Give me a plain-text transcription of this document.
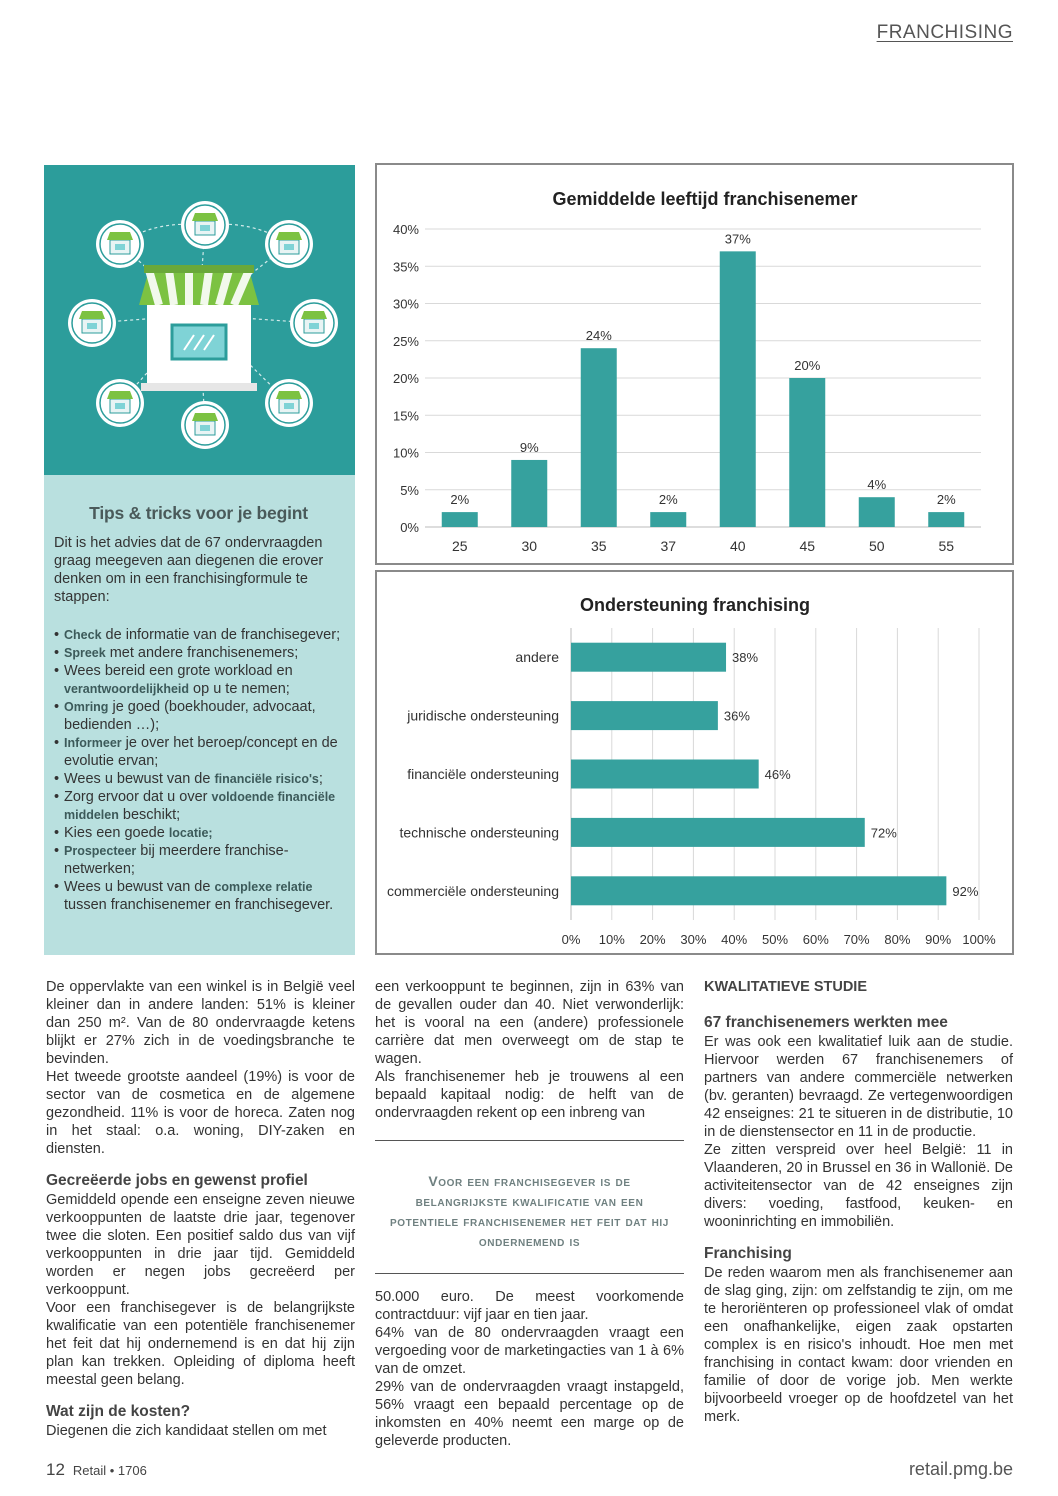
FRANCHISING
Tips & tricks voor je begint

Dit is het advies dat de 67 ondervraagden graag meegeven aan diegenen die erover denken om in een franchisingformule te stappen:

• Check de informatie van de franchisegever;
• Spreek met andere franchisenemers;
• Wees bereid een grote workload en verantwoordelijkheid op u te nemen;
• Omring je goed (boekhouder, advocaat, bedienden …);
• Informeer je over het beroep/concept en de evolutie ervan;
• Wees u bewust van de financiële risico's;
• Zorg ervoor dat u over voldoende financiële middelen beschikt;
• Kies een goede locatie;
• Prospecteer bij meerdere franchise-netwerken;
• Wees u bewust van de complexe relatie tussen franchisenemer en franchisegever.
Gemiddelde leeftijd franchisenemer
0%
5%
10%
15%
20%
25%
30%
35%
40%
2%
25
9%
30
24%
35
2%
37
37%
40
20%
45
4%
50
2%
55
Ondersteuning franchising
0% 10% 20% 30% 40% 50% 60% 70% 80% 90% 100%
38%
andere
36%
juridische ondersteuning
46%
financiële ondersteuning
72%
technische ondersteuning
92%
commerciële ondersteuning

De oppervlakte van een winkel is in België veel kleiner dan in andere landen: 51% is kleiner dan 250 m². Van de 80 ondervraagde ketens blijkt er 27% zich in de voedingsbranche te bevinden.

Het tweede grootste aandeel (19%) is voor de sector van de cosmetica en de algemene gezondheid. 11% is voor de horeca. Zaten nog in het staal: o.a. woning, DIY-zaken en diensten.

Gecreëerde jobs en gewenst profiel

Gemiddeld opende een enseigne zeven nieuwe verkooppunten de laatste drie jaar, tegenover twee die sloten. Een positief saldo dus van vijf verkooppunten in drie jaar tijd. Gemiddeld worden er negen jobs gecreëerd per verkooppunt.

Voor een franchisegever is de belangrijkste kwalificatie van een potentiële franchisenemer het feit dat hij ondernemend is en dat hij zijn plan kan trekken. Opleiding of diploma heeft meestal geen belang.

Wat zijn de kosten?

Diegenen die zich kandidaat stellen om met

een verkooppunt te beginnen, zijn in 63% van de gevallen ouder dan 40. Niet verwonderlijk: het is vooral na een (andere) professionele carrière dat men overweegt om de stap te wagen.

Als franchisenemer heb je trouwens al een bepaald kapitaal nodig: de helft van de ondervraagden rekent op een inbreng van

Voor een franchisegever is de belangrijkste kwalificatie van een potentiele franchisenemer het feit dat hij ondernemend is

50.000 euro. De meest voorkomende contractduur: vijf jaar en tien jaar.

64% van de 80 ondervraagden vraagt een vergoeding voor de marketingacties van 1 à 6% van de omzet.

29% van de ondervraagden vraagt instapgeld, 56% vraagt een bepaald percentage op de inkomsten en 40% neemt een marge op de geleverde producten.

KWALITATIEVE STUDIE
67 franchisenemers werkten mee

Er was ook een kwalitatief luik aan de studie. Hiervoor werden 67 franchisenemers of partners van andere commerciële netwerken (bv. geranten) bevraagd. Ze vertegenwoordigen 42 enseignes: 21 te situeren in de distributie, 10 in de dienstensector en 11 in de productie.

Ze zitten verspreid over heel België: 11 in Vlaanderen, 20 in Brussel en 36 in Wallonië. De activiteitensector van de 42 enseignes zijn divers: voeding, fastfood, keuken- en wooninrichting en immobiliën.

Franchising

De reden waarom men als franchisenemer aan de slag ging, zijn: om zelfstandig te zijn, om me te heroriënteren op professioneel vlak of omdat een onafhankelijke, eigen zaak opstarten complex is en risico's inhoudt. Hoe men met franchising in contact kwam: door vrienden en familie of door de vorige job. Men werkte bijvoorbeeld vroeger op de hoofdzetel van het merk.

12 Retail • 1706	retail.pmg.be
